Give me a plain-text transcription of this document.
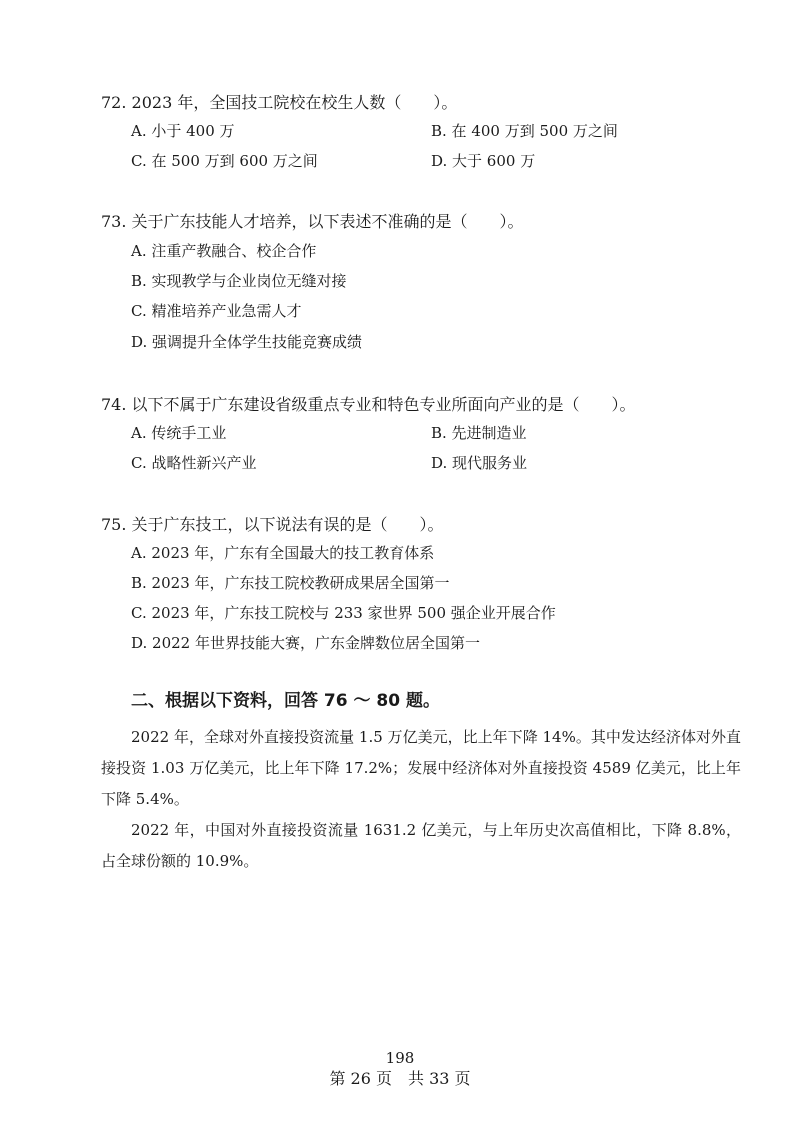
72. 2023 年，全国技工院校在校生人数（　　）。
A. 小于 400 万	B. 在 400 万到 500 万之间
C. 在 500 万到 600 万之间	D. 大于 600 万
73. 关于广东技能人才培养，以下表述不准确的是（　　）。
A. 注重产教融合、校企合作
B. 实现教学与企业岗位无缝对接
C. 精准培养产业急需人才
D. 强调提升全体学生技能竞赛成绩
74. 以下不属于广东建设省级重点专业和特色专业所面向产业的是（　　）。
A. 传统手工业	B. 先进制造业
C. 战略性新兴产业	D. 现代服务业
75. 关于广东技工，以下说法有误的是（　　）。
A. 2023 年，广东有全国最大的技工教育体系
B. 2023 年，广东技工院校教研成果居全国第一
C. 2023 年，广东技工院校与 233 家世界 500 强企业开展合作
D. 2022 年世界技能大赛，广东金牌数位居全国第一
二、根据以下资料，回答 76 ～ 80 题。

2022 年，全球对外直接投资流量 1.5 万亿美元，比上年下降 14%。其中发达经济体对外直接投资 1.03 万亿美元，比上年下降 17.2%；发展中经济体对外直接投资 4589 亿美元，比上年下降 5.4%。

2022 年，中国对外直接投资流量 1631.2 亿美元，与上年历史次高值相比，下降 8.8%，占全球份额的 10.9%。

198
第 26 页　共 33 页
